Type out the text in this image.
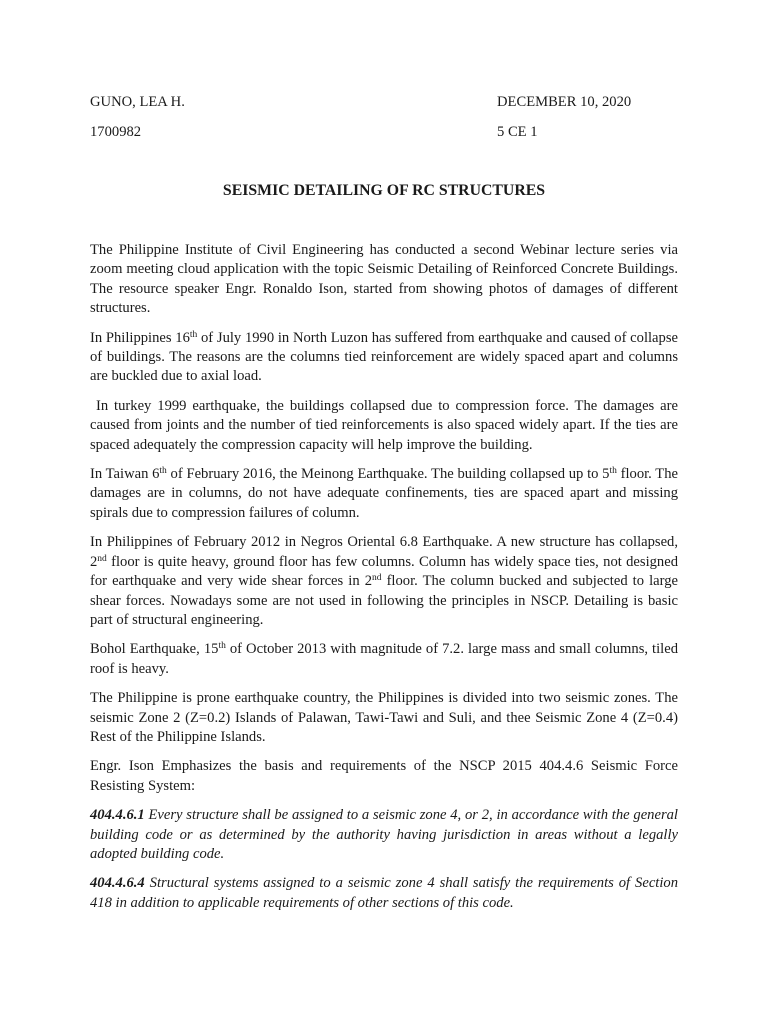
GUNO, LEA H.	DECEMBER 10, 2020
1700982	5 CE 1
SEISMIC DETAILING OF RC STRUCTURES

The Philippine Institute of Civil Engineering has conducted a second Webinar lecture series via zoom meeting cloud application with the topic Seismic Detailing of Reinforced Concrete Buildings. The resource speaker Engr. Ronaldo Ison, started from showing photos of damages of different structures.

In Philippines 16th of July 1990 in North Luzon has suffered from earthquake and caused of collapse of buildings. The reasons are the columns tied reinforcement are widely spaced apart and columns are buckled due to axial load.

In turkey 1999 earthquake, the buildings collapsed due to compression force. The damages are caused from joints and the number of tied reinforcements is also spaced widely apart. If the ties are spaced adequately the compression capacity will help improve the building.

In Taiwan 6th of February 2016, the Meinong Earthquake. The building collapsed up to 5th floor. The damages are in columns, do not have adequate confinements, ties are spaced apart and missing spirals due to compression failures of column.

In Philippines of February 2012 in Negros Oriental 6.8 Earthquake. A new structure has collapsed, 2nd floor is quite heavy, ground floor has few columns. Column has widely space ties, not designed for earthquake and very wide shear forces in 2nd floor. The column bucked and subjected to large shear forces. Nowadays some are not used in following the principles in NSCP. Detailing is basic part of structural engineering.

Bohol Earthquake, 15th of October 2013 with magnitude of 7.2. large mass and small columns, tiled roof is heavy.

The Philippine is prone earthquake country, the Philippines is divided into two seismic zones. The seismic Zone 2 (Z=0.2) Islands of Palawan, Tawi-Tawi and Suli, and thee Seismic Zone 4 (Z=0.4) Rest of the Philippine Islands.

Engr. Ison Emphasizes the basis and requirements of the NSCP 2015 404.4.6 Seismic Force Resisting System:

404.4.6.1 Every structure shall be assigned to a seismic zone 4, or 2, in accordance with the general building code or as determined by the authority having jurisdiction in areas without a legally adopted building code.

404.4.6.4 Structural systems assigned to a seismic zone 4 shall satisfy the requirements of Section 418 in addition to applicable requirements of other sections of this code.
